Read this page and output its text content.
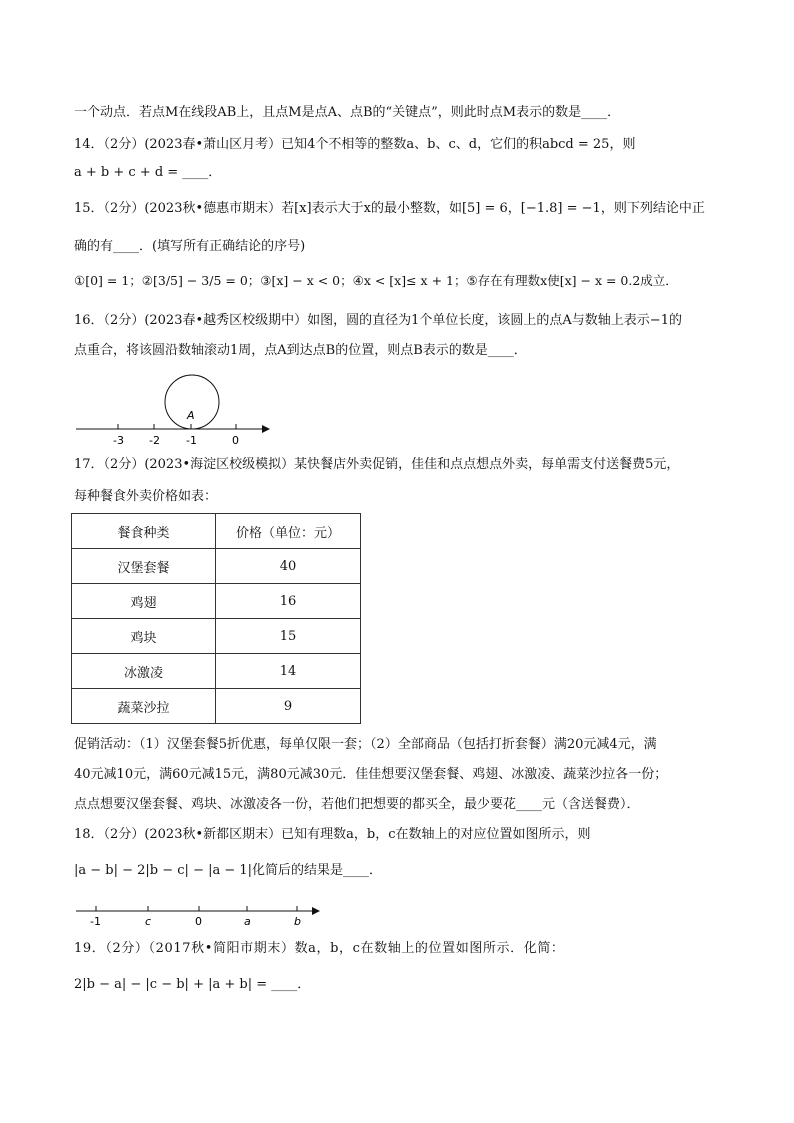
一个动点．若点M在线段AB上，且点M是点A、点B的“关键点”，则此时点M表示的数是____．
14．（2分）(2023春•萧山区月考）已知4个不相等的整数a、b、c、d，它们的积abcd = 25，则
a + b + c + d = ____．
15．（2分）(2023秋•德惠市期末）若[x]表示大于x的最小整数，如[5] = 6，[−1.8] = −1，则下列结论中正
确的有____．(填写所有正确结论的序号)
①[0] = 1；②[3/5] − 3/5 = 0；③[x] − x < 0；④x < [x]≤ x + 1；⑤存在有理数x使[x] − x = 0.2成立．
16．（2分）(2023春•越秀区校级期中）如图，圆的直径为1个单位长度，该圆上的点A与数轴上表示−1的
点重合，将该圆沿数轴滚动1周，点A到达点B的位置，则点B表示的数是____．
A
-3 -2 -1	0
-1	c	0	a	b
17．（2分）(2023•海淀区校级模拟）某快餐店外卖促销，佳佳和点点想点外卖，每单需支付送餐费5元，
每种餐食外卖价格如表：
餐食种类	价格（单位：元）
汉堡套餐	40
鸡翅	16
鸡块	15
冰激凌	14
蔬菜沙拉	9
促销活动：（1）汉堡套餐5折优惠，每单仅限一套；（2）全部商品（包括打折套餐）满20元减4元，满
40元减10元，满60元减15元，满80元减30元．佳佳想要汉堡套餐、鸡翅、冰激凌、蔬菜沙拉各一份；
点点想要汉堡套餐、鸡块、冰激凌各一份，若他们把想要的都买全，最少要花____元（含送餐费）．
18．（2分）(2023秋•新都区期末）已知有理数a，b，c在数轴上的对应位置如图所示，则
|a − b| − 2|b − c| − |a − 1|化简后的结果是____．
19．（2分）（2017秋•简阳市期末）数a，b，c在数轴上的位置如图所示．化简：
2|b − a| − |c − b| + |a + b| = ____．
